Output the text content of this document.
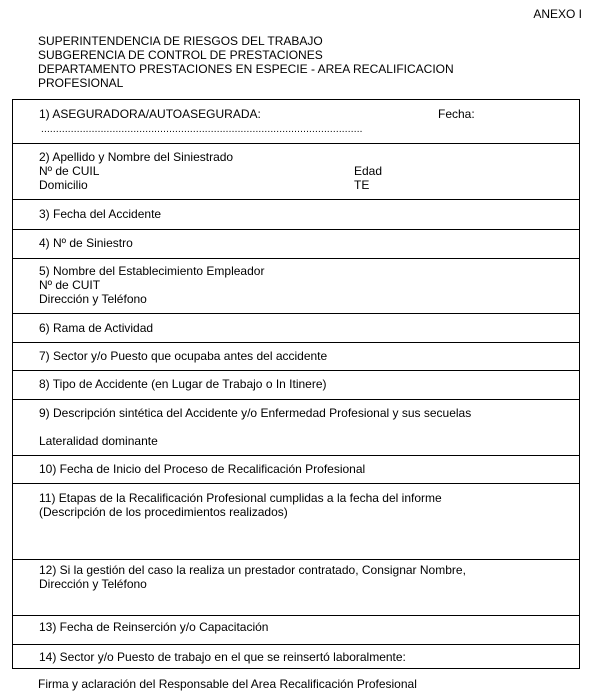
ANEXO I
SUPERINTENDENCIA DE RIESGOS DEL TRABAJO
SUBGERENCIA DE CONTROL DE PRESTACIONES
DEPARTAMENTO PRESTACIONES EN ESPECIE - AREA RECALIFICACION
PROFESIONAL
1) ASEGURADORA/AUTOASEGURADA:	Fecha:
............................................................................................................
2) Apellido y Nombre del Siniestrado
Nº de CUIL	Edad
Domicilio	TE
3) Fecha del Accidente
4) Nº de Siniestro
5) Nombre del Establecimiento Empleador
Nº de CUIT
Dirección y Teléfono
6) Rama de Actividad
7) Sector y/o Puesto que ocupaba antes del accidente
8) Tipo de Accidente (en Lugar de Trabajo o In Itinere)
9) Descripción sintética del Accidente y/o Enfermedad Profesional y sus secuelas
Lateralidad dominante
10) Fecha de Inicio del Proceso de Recalificación Profesional
11) Etapas de la Recalificación Profesional cumplidas a la fecha del informe
(Descripción de los procedimientos realizados)
12) Si la gestión del caso la realiza un prestador contratado, Consignar Nombre,
Dirección y Teléfono
13) Fecha de Reinserción y/o Capacitación
14) Sector y/o Puesto de trabajo en el que se reinsertó laboralmente:
Firma y aclaración del Responsable del Area Recalificación Profesional
